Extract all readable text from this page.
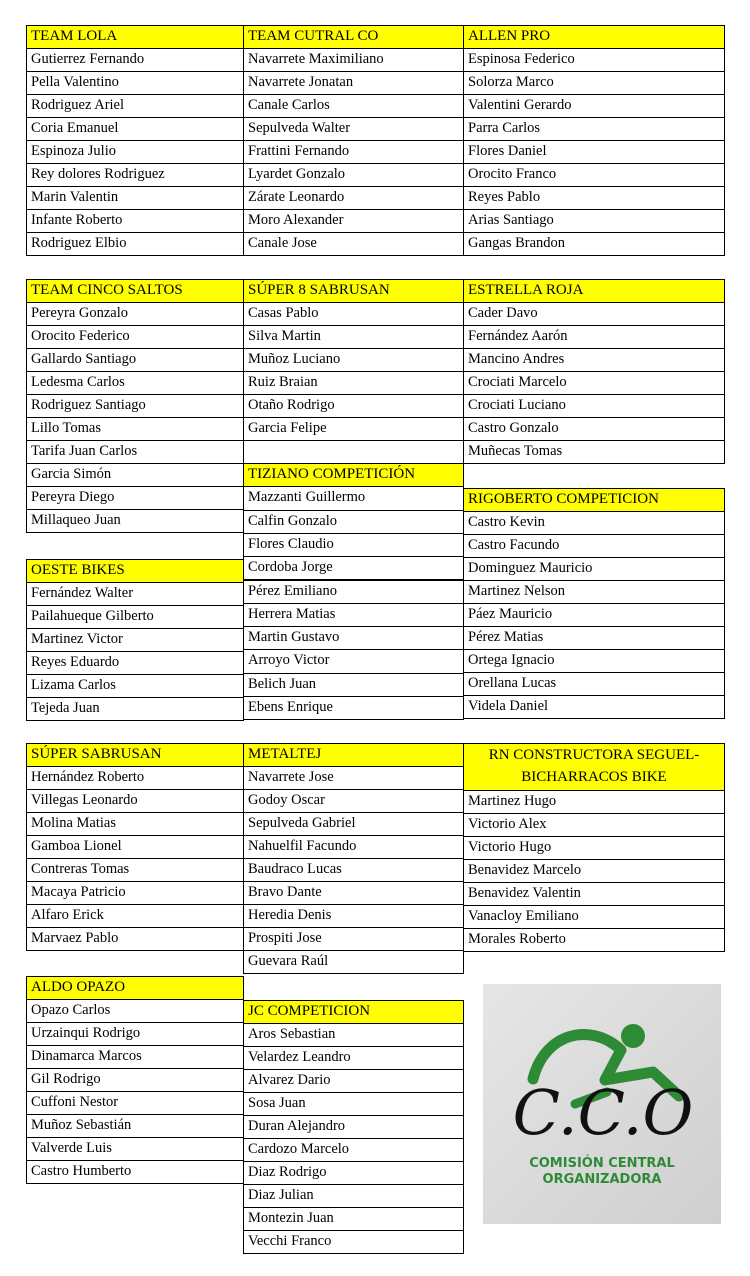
TEAM LOLA
Gutierrez Fernando
Pella Valentino
Rodriguez Ariel
Coria Emanuel
Espinoza Julio
Rey dolores Rodriguez
Marin Valentin
Infante Roberto
Rodriguez Elbio
TEAM CUTRAL CO
Navarrete Maximiliano
Navarrete Jonatan
Canale Carlos
Sepulveda Walter
Frattini Fernando
Lyardet Gonzalo
Zárate Leonardo
Moro Alexander
Canale Jose
ALLEN PRO
Espinosa Federico
Solorza Marco
Valentini Gerardo
Parra Carlos
Flores Daniel
Orocito Franco
Reyes Pablo
Arias Santiago
Gangas Brandon
TEAM CINCO SALTOS
Pereyra Gonzalo
Orocito Federico
Gallardo Santiago
Ledesma Carlos
Rodriguez Santiago
Lillo Tomas
Tarifa Juan Carlos
Garcia Simón
Pereyra Diego
Millaqueo Juan
SÚPER 8 SABRUSAN
Casas Pablo
Silva Martin
Muñoz Luciano
Ruiz Braian
Otaño Rodrigo
Garcia Felipe
ESTRELLA ROJA
Cader Davo
Fernández Aarón
Mancino Andres
Crociati Marcelo
Crociati Luciano
Castro Gonzalo
Muñecas Tomas
TIZIANO COMPETICIÓN
Mazzanti Guillermo
Calfin Gonzalo
Flores Claudio
Cordoba Jorge
Pérez Emiliano
Herrera Matias
Martin Gustavo
Arroyo Victor
Belich Juan
Ebens Enrique
RIGOBERTO COMPETICION
Castro Kevin
Castro Facundo
Dominguez Mauricio
Martinez Nelson
Páez Mauricio
Pérez Matias
Ortega Ignacio
Orellana Lucas
Videla Daniel
OESTE BIKES
Fernández Walter
Pailahueque Gilberto
Martinez Victor
Reyes Eduardo
Lizama Carlos
Tejeda Juan
SÚPER SABRUSAN
Hernández Roberto
Villegas Leonardo
Molina Matias
Gamboa Lionel
Contreras Tomas
Macaya Patricio
Alfaro Erick
Marvaez Pablo
METALTEJ
Navarrete Jose
Godoy Oscar
Sepulveda Gabriel
Nahuelfil Facundo
Baudraco Lucas
Bravo Dante
Heredia Denis
Prospiti Jose
Guevara Raúl
RN CONSTRUCTORA SEGUEL- BICHARRACOS BIKE
Martinez Hugo
Victorio Alex
Victorio Hugo
Benavidez Marcelo
Benavidez Valentin
Vanacloy Emiliano
Morales Roberto
ALDO OPAZO
Opazo Carlos
Urzainqui Rodrigo
Dinamarca Marcos
Gil Rodrigo
Cuffoni Nestor
Muñoz Sebastián
Valverde Luis
Castro Humberto
JC COMPETICION
Aros Sebastian
Velardez Leandro
Alvarez Dario
Sosa Juan
Duran Alejandro
Cardozo Marcelo
Diaz Rodrigo
Diaz Julian
Montezin Juan
Vecchi Franco
C.C.O
COMISIÓN CENTRAL
ORGANIZADORA
